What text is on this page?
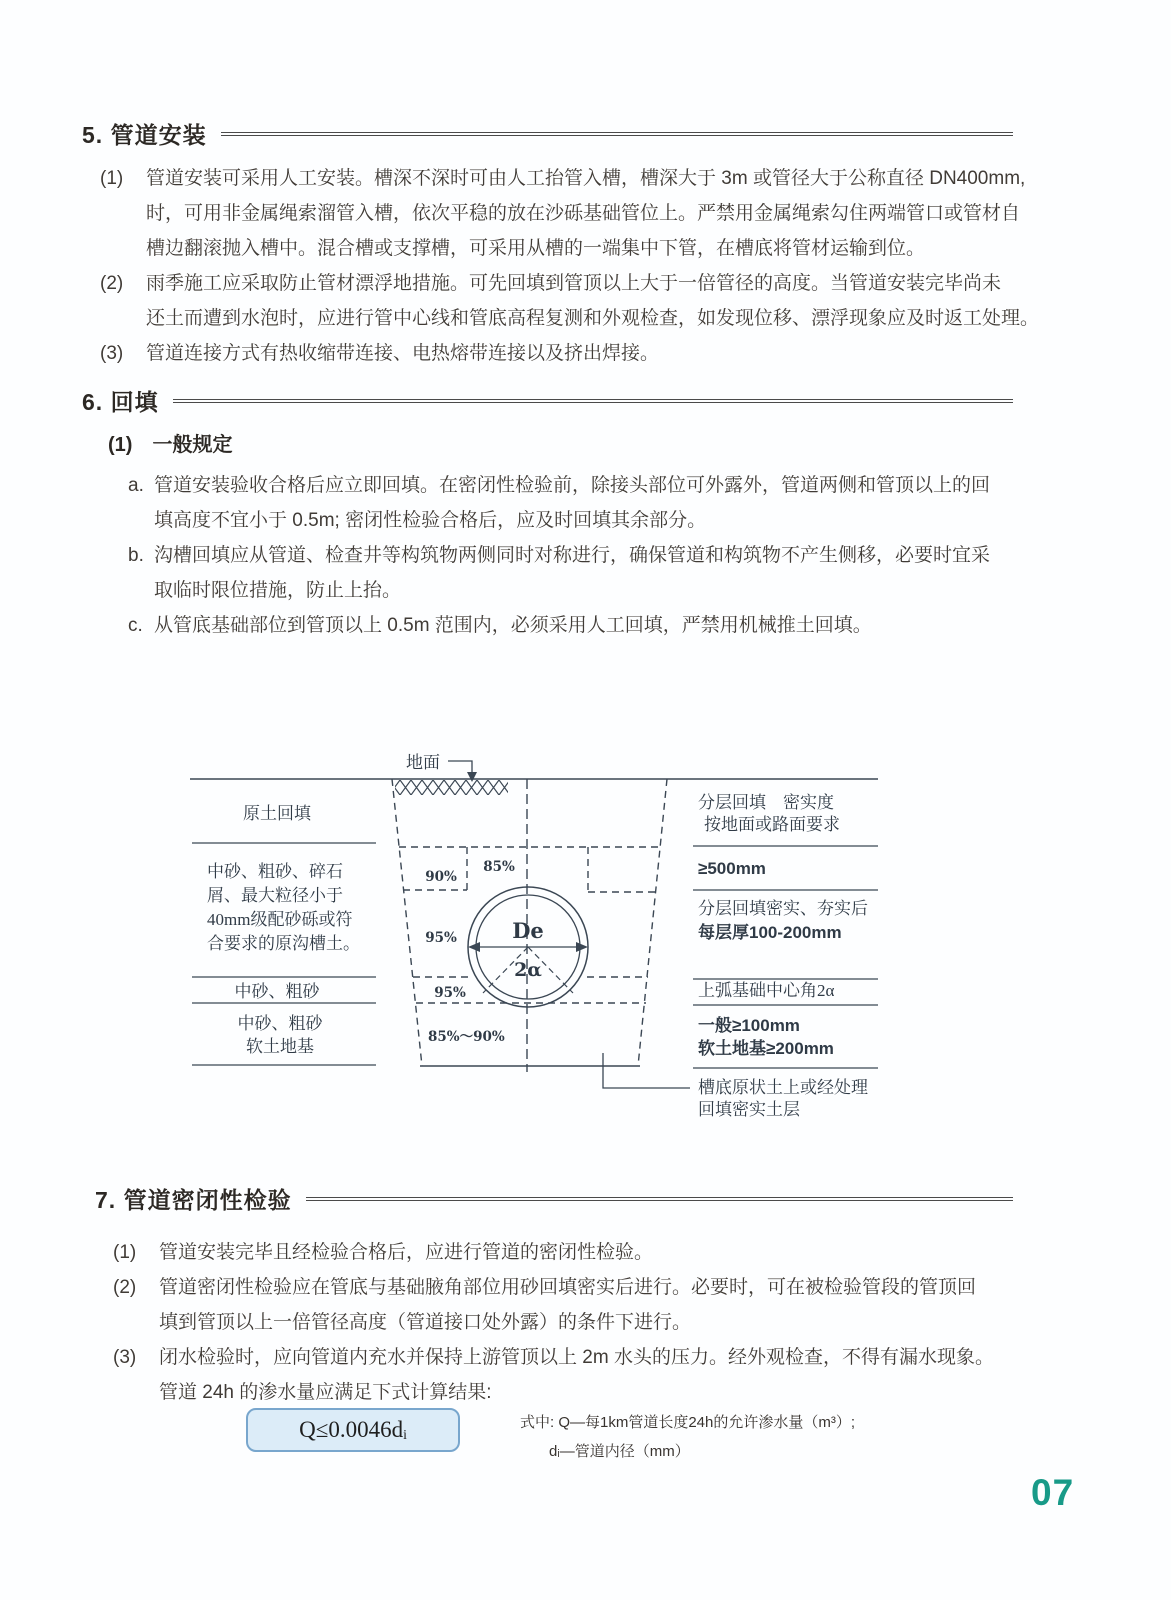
5. 管道安装
(1)	管道安装可采用人工安装。槽深不深时可由人工抬管入槽，槽深大于 3m 或管径大于公称直径 DN400mm,
时，可用非金属绳索溜管入槽，依次平稳的放在沙砾基础管位上。严禁用金属绳索勾住两端管口或管材自
槽边翻滚抛入槽中。混合槽或支撑槽，可采用从槽的一端集中下管，在槽底将管材运输到位。

(2)	雨季施工应采取防止管材漂浮地措施。可先回填到管顶以上大于一倍管径的高度。当管道安装完毕尚未
还土而遭到水泡时，应进行管中心线和管底高程复测和外观检查，如发现位移、漂浮现象应及时返工处理。

(3)	管道连接方式有热收缩带连接、电热熔带连接以及挤出焊接。

6. 回填
(1) 一般规定
a. 管道安装验收合格后应立即回填。在密闭性检验前，除接头部位可外露外，管道两侧和管顶以上的回
填高度不宜小于 0.5m; 密闭性检验合格后，应及时回填其余部分。

b. 沟槽回填应从管道、检查井等构筑物两侧同时对称进行，确保管道和构筑物不产生侧移，必要时宜采
取临时限位措施，防止上抬。

c. 从管底基础部位到管顶以上 0.5m 范围内，必须采用人工回填，严禁用机械推土回填。

地面
De
2α
90%
85%
95%
95%
85%～90%
原土回填
中砂、粗砂、碎石
屑、最大粒径小于
40mm级配砂砾或符
合要求的原沟槽土。
中砂、粗砂
中砂、粗砂
软土地基
分层回填　密实度
按地面或路面要求
≥500mm
分层回填密实、夯实后
每层厚100-200mm
上弧基础中心角2α
一般≥100mm
软土地基≥200mm
槽底原状土上或经处理
回填密实土层
7. 管道密闭性检验
(1)	管道安装完毕且经检验合格后，应进行管道的密闭性检验。

(2)	管道密闭性检验应在管底与基础腋角部位用砂回填密实后进行。必要时，可在被检验管段的管顶回
填到管顶以上一倍管径高度（管道接口处外露）的条件下进行。

(3)	闭水检验时，应向管道内充水并保持上游管顶以上 2m 水头的压力。经外观检查，不得有漏水现象。
管道 24h 的渗水量应满足下式计算结果:

Q≤0.0046dᵢ	式中: Q—每1km管道长度24h的允许渗水量（m³）;
dᵢ—管道内径（mm）
07
